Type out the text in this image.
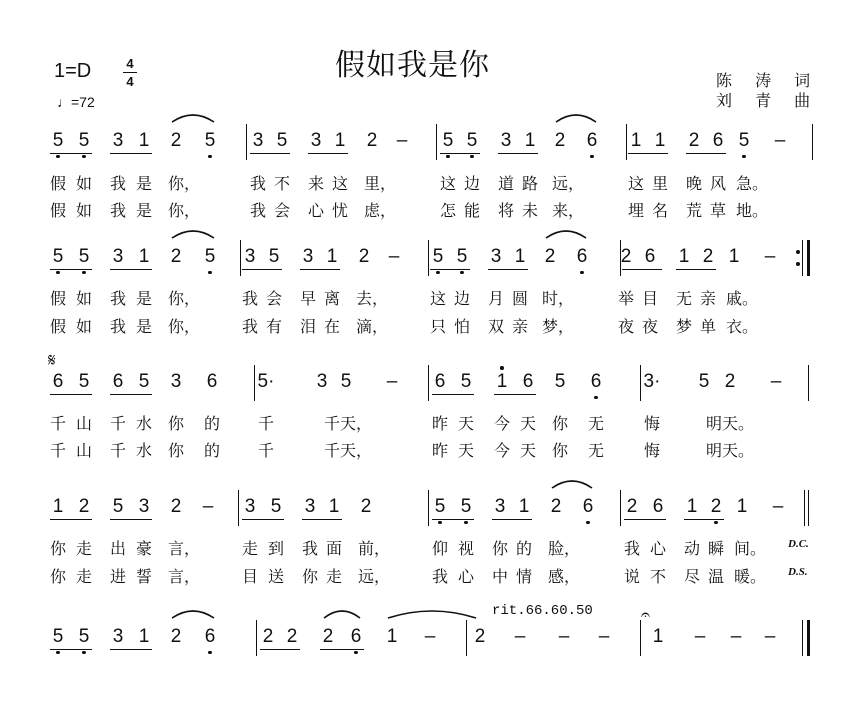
假如我是你
1=D	4
4
♩=72
陈 涛 词
刘 青 曲
5 5 3 1 2 5 3 5 3 1 2 – 5 5 3 1 2 6 1 1 2 6 5 –
假 如 我 是 你，	我 不 来 这 里，	这 边 道 路 远，	这 里 晚 风 急。
假 如 我 是 你，	我 会 心 忧 虑，	怎 能 将 未 来，	埋 名 荒 草 地。
5 5 3 1 2 5 3 5 3 1 2 – 5 5 3 1 2 6 2 6 1 2 1 –
假 如 我 是 你，	我 会 早 离 去，	这 边 月 圆 时，	举 目 无 亲 戚。
假 如 我 是 你，	我 有 泪 在 滴，	只 怕 双 亲 梦，	夜 夜 梦 单 衣。
6 5 6 5 3 6 5· 3 5 – 6 5 1 6 5 6 3· 5 2 –
千 山 千 水 你 的 千	千天，	昨 天 今 天 你 无 悔	明天。
千 山 千 水 你 的 千	千天，	昨 天 今 天 你 无 悔	明天。
1 2 5 3 2 – 3 5 3 1 2	5 5 3 1 2 6 2 6 1 2 1 –
你 走 出 豪 言，	走 到 我 面 前，	仰 视 你 的 脸，	我 心 动 瞬 间。
你 走 进 誓 言，	目 送 你 走 远，	我 心 中 情 感，	说 不 尽 温 暖。
5 5 3 1 2 6 2 2 2 6 1 – 2 – – – 1 – – –
rit.66.60.50
𝄋
𝄐
D.C.
D.S.
